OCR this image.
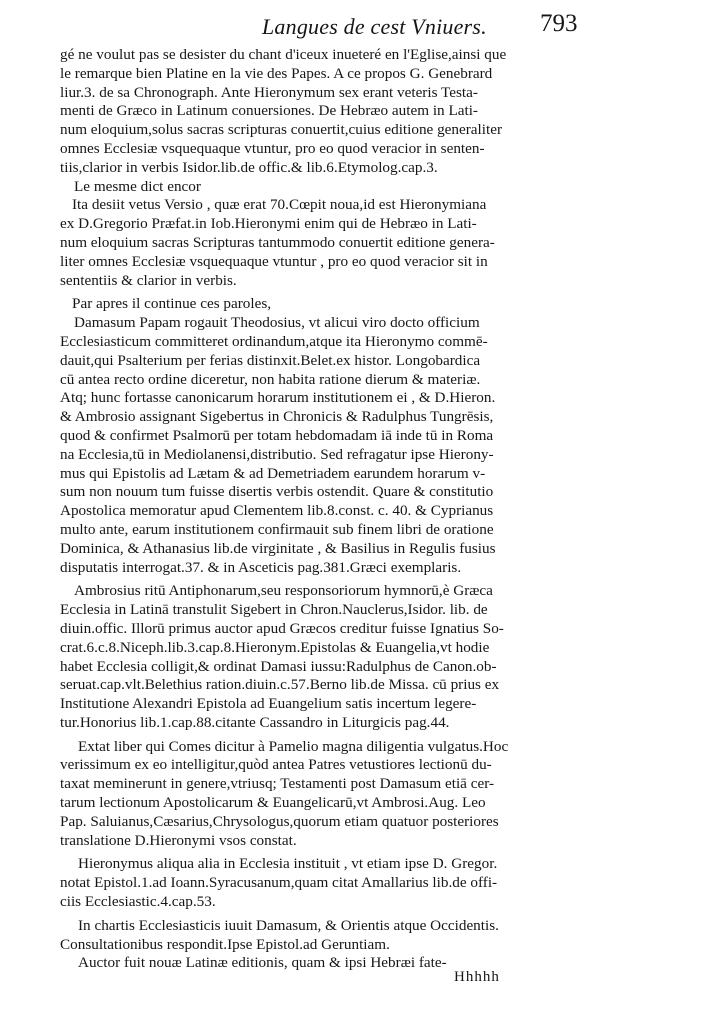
Langues de cest Vniuers. 793
gé ne voulut pas se desister du chant d'iceux inueteré en l'Eglise,ainsi que
le remarque bien Platine en la vie des Papes. A ce propos G. Genebrard
liur.3. de sa Chronograph. Ante Hieronymum sex erant veteris Testa-
menti de Græco in Latinum conuersiones. De Hebræo autem in Lati-
num eloquium,solus sacras scripturas conuertit,cuius editione generaliter
omnes Ecclesiæ vsquequaque vtuntur, pro eo quod veracior in senten-
tiis,clarior in verbis Isidor.lib.de offic.& lib.6.Etymolog.cap.3.
Le mesme dict encor
Ita desiit vetus Versio , quæ erat 70.Cœpit noua,id est Hieronymiana
ex D.Gregorio Præfat.in Iob.Hieronymi enim qui de Hebræo in Lati-
num eloquium sacras Scripturas tantummodo conuertit editione genera-
liter omnes Ecclesiæ vsquequaque vtuntur , pro eo quod veracior sit in
sententiis & clarior in verbis.
Par apres il continue ces paroles,
Damasum Papam rogauit Theodosius, vt alicui viro docto officium
Ecclesiasticum committeret ordinandum,atque ita Hieronymo commē-
dauit,qui Psalterium per ferias distinxit.Belet.ex histor. Longobardica
cū antea recto ordine diceretur, non habita ratione dierum & materiæ.
Atq; hunc fortasse canonicarum horarum institutionem ei , & D.Hieron.
& Ambrosio assignant Sigebertus in Chronicis & Radulphus Tungrēsis,
quod & confirmet Psalmorū per totam hebdomadam iā inde tū in Roma
na Ecclesia,tū in Mediolanensi,distributio. Sed refragatur ipse Hierony-
mus qui Epistolis ad Lætam & ad Demetriadem earundem horarum v-
sum non nouum tum fuisse disertis verbis ostendit. Quare & constitutio
Apostolica memoratur apud Clementem lib.8.const. c. 40. & Cyprianus
multo ante, earum institutionem confirmauit sub finem libri de oratione
Dominica, & Athanasius lib.de virginitate , & Basilius in Regulis fusius
disputatis interrogat.37. & in Asceticis pag.381.Græci exemplaris.
Ambrosius ritū Antiphonarum,seu responsoriorum hymnorū,è Græca
Ecclesia in Latinā transtulit Sigebert in Chron.Nauclerus,Isidor. lib. de
diuin.offic. Illorū primus auctor apud Græcos creditur fuisse Ignatius So-
crat.6.c.8.Niceph.lib.3.cap.8.Hieronym.Epistolas & Euangelia,vt hodie
habet Ecclesia colligit,& ordinat Damasi iussu:Radulphus de Canon.ob-
seruat.cap.vlt.Belethius ration.diuin.c.57.Berno lib.de Missa. cū prius ex
Institutione Alexandri Epistola ad Euangelium satis incertum legere-
tur.Honorius lib.1.cap.88.citante Cassandro in Liturgicis pag.44.
Extat liber qui Comes dicitur à Pamelio magna diligentia vulgatus.Hoc
verissimum ex eo intelligitur,quòd antea Patres vetustiores lectionū du-
taxat meminerunt in genere,vtriusq; Testamenti post Damasum etiā cer-
tarum lectionum Apostolicarum & Euangelicarū,vt Ambrosi.Aug. Leo
Pap. Saluianus,Cæsarius,Chrysologus,quorum etiam quatuor posteriores
translatione D.Hieronymi vsos constat.
Hieronymus aliqua alia in Ecclesia instituit , vt etiam ipse D. Gregor.
notat Epistol.1.ad Ioann.Syracusanum,quam citat Amallarius lib.de offi-
ciis Ecclesiastic.4.cap.53.
In chartis Ecclesiasticis iuuit Damasum, & Orientis atque Occidentis.
Consultationibus respondit.Ipse Epistol.ad Geruntiam.
Auctor fuit nouæ Latinæ editionis, quam & ipsi Hebræi fate-
Hhhhh
